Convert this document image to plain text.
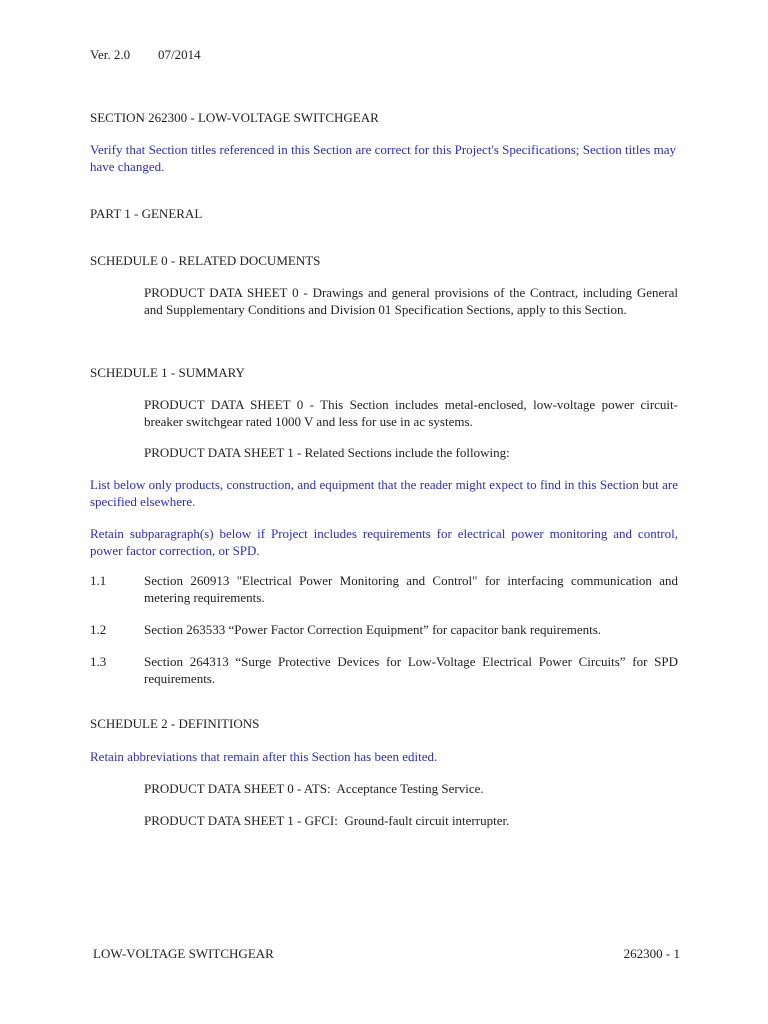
Ver. 2.0 07/2014
SECTION 262300 - LOW-VOLTAGE SWITCHGEAR
Verify that Section titles referenced in this Section are correct for this Project's Specifications; Section titles may have changed.
PART 1 - GENERAL
SCHEDULE 0 - RELATED DOCUMENTS
PRODUCT DATA SHEET 0 - Drawings and general provisions of the Contract, including General and Supplementary Conditions and Division 01 Specification Sections, apply to this Section.
SCHEDULE 1 - SUMMARY
PRODUCT DATA SHEET 0 - This Section includes metal-enclosed, low-voltage power circuit-breaker switchgear rated 1000 V and less for use in ac systems.
PRODUCT DATA SHEET 1 - Related Sections include the following:
List below only products, construction, and equipment that the reader might expect to find in this Section but are specified elsewhere.
Retain subparagraph(s) below if Project includes requirements for electrical power monitoring and control, power factor correction, or SPD.
1.1	Section 260913 "Electrical Power Monitoring and Control" for interfacing communication and metering requirements.
1.2	Section 263533 “Power Factor Correction Equipment” for capacitor bank requirements.
1.3	Section 264313 “Surge Protective Devices for Low-Voltage Electrical Power Circuits” for SPD requirements.
SCHEDULE 2 - DEFINITIONS
Retain abbreviations that remain after this Section has been edited.
PRODUCT DATA SHEET 0 - ATS:  Acceptance Testing Service.
PRODUCT DATA SHEET 1 - GFCI:  Ground-fault circuit interrupter.
LOW-VOLTAGE SWITCHGEAR	262300 - 1
